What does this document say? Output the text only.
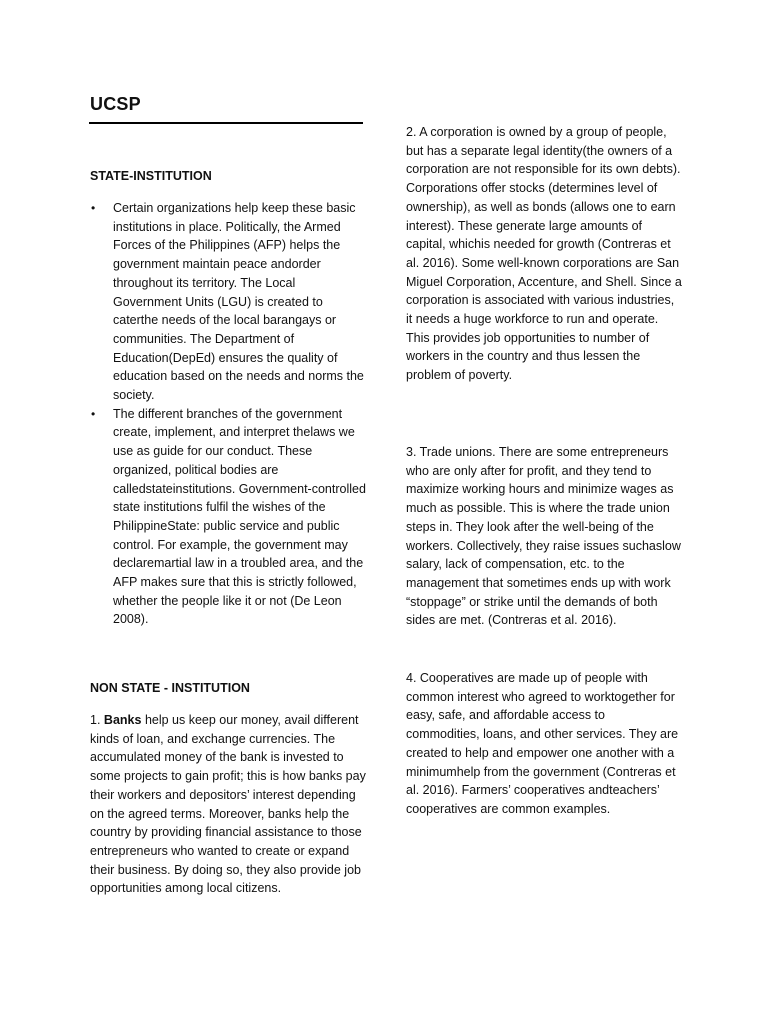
UCSP
STATE-INSTITUTION
• Certain organizations help keep these basic institutions in place. Politically, the Armed Forces of the Philippines (AFP) helps the government maintain peace andorder throughout its territory. The Local Government Units (LGU) is created to caterthe needs of the local barangays or communities. The Department of Education(DepEd) ensures the quality of education based on the needs and norms the society.
• The different branches of the government create, implement, and interpret thelaws we use as guide for our conduct. These organized, political bodies are calledstateinstitutions. Government-controlled state institutions fulfil the wishes of the PhilippineState: public service and public control. For example, the government may declaremartial law in a troubled area, and the AFP makes sure that this is strictly followed, whether the people like it or not (De Leon 2008).
NON STATE - INSTITUTION

1. Banks help us keep our money, avail different kinds of loan, and exchange currencies. The accumulated money of the bank is invested to some projects to gain profit; this is how banks pay their workers and depositors’ interest depending on the agreed terms. Moreover, banks help the country by providing financial assistance to those entrepreneurs who wanted to create or expand their business. By doing so, they also provide job opportunities among local citizens.

2. A corporation is owned by a group of people, but has a separate legal identity(the owners of a corporation are not responsible for its own debts). Corporations offer stocks (determines level of ownership), as well as bonds (allows one to earn interest). These generate large amounts of capital, whichis needed for growth (Contreras et al. 2016). Some well-known corporations are San Miguel Corporation, Accenture, and Shell. Since a corporation is associated with various industries, it needs a huge workforce to run and operate. This provides job opportunities to number of workers in the country and thus lessen the problem of poverty.

3. Trade unions. There are some entrepreneurs who are only after for profit, and they tend to maximize working hours and minimize wages as much as possible. This is where the trade union steps in. They look after the well-being of the workers. Collectively, they raise issues suchaslow salary, lack of compensation, etc. to the management that sometimes ends up with work “stoppage” or strike until the demands of both sides are met. (Contreras et al. 2016).

4. Cooperatives are made up of people with common interest who agreed to worktogether for easy, safe, and affordable access to commodities, loans, and other services. They are created to help and empower one another with a minimumhelp from the government (Contreras et al. 2016). Farmers’ cooperatives andteachers’ cooperatives are common examples.
